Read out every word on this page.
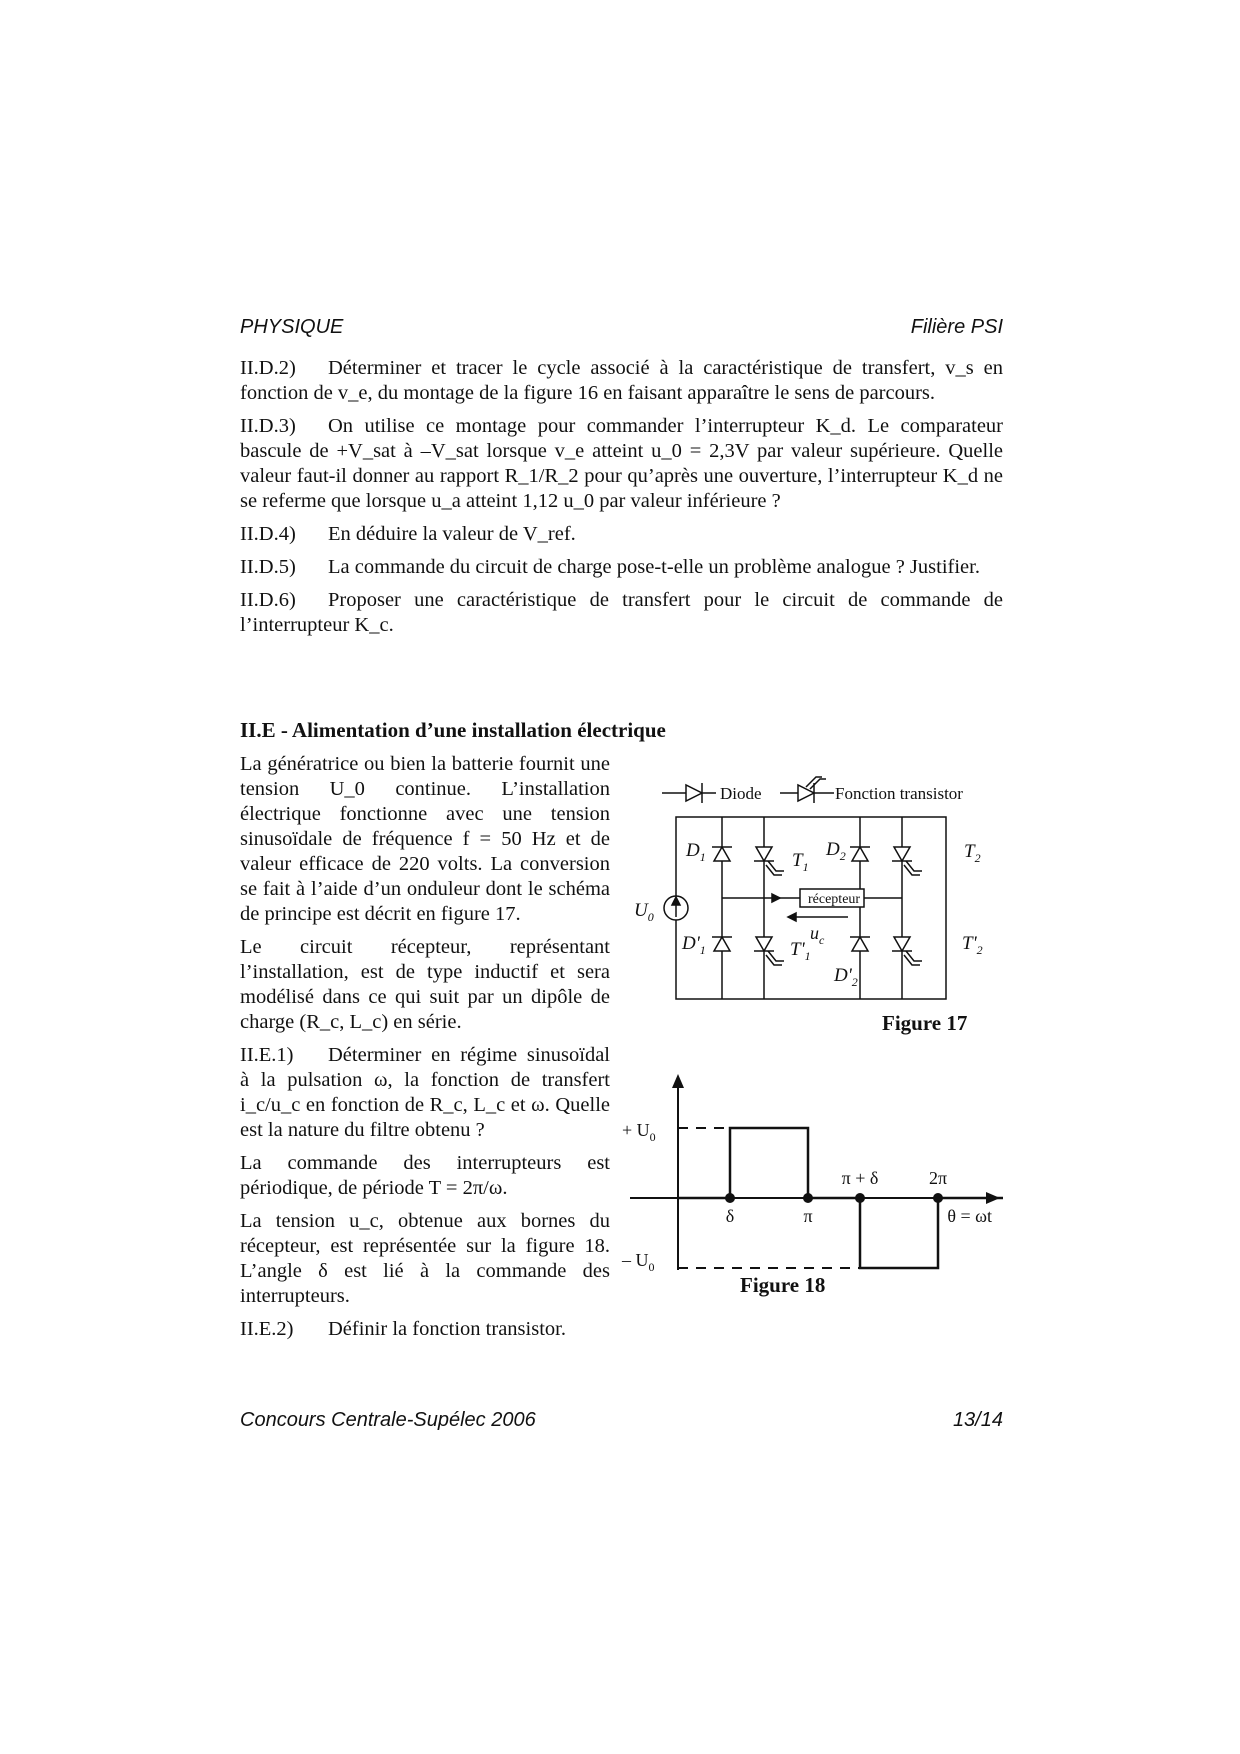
PHYSIQUE	Filière PSI

II.D.2) Déterminer et tracer le cycle associé à la caractéristique de transfert, v_s en fonction de v_e, du montage de la figure 16 en faisant apparaître le sens de parcours.

II.D.3) On utilise ce montage pour commander l’interrupteur K_d. Le comparateur bascule de +V_sat à –V_sat lorsque v_e atteint u_0 = 2,3V par valeur supérieure. Quelle valeur faut-il donner au rapport R_1/R_2 pour qu’après une ouverture, l’interrupteur K_d ne se referme que lorsque u_a atteint 1,12 u_0 par valeur inférieure ?

II.D.4) En déduire la valeur de V_ref.

II.D.5) La commande du circuit de charge pose-t-elle un problème analogue ? Justifier.

II.D.6) Proposer une caractéristique de transfert pour le circuit de commande de l’interrupteur K_c.

II.E - Alimentation d’une installation électrique

La génératrice ou bien la batterie fournit une tension U_0 continue. L’installation électrique fonctionne avec une tension sinusoïdale de fréquence f = 50 Hz et de valeur efficace de 220 volts. La conversion se fait à l’aide d’un onduleur dont le schéma de principe est décrit en figure 17.

Le circuit récepteur, représentant l’installation, est de type inductif et sera modélisé dans ce qui suit par un dipôle de charge (R_c, L_c) en série.

II.E.1) Déterminer en régime sinusoïdal à la pulsation ω, la fonction de transfert i_c/u_c en fonction de R_c, L_c et ω. Quelle est la nature du filtre obtenu ?

La commande des interrupteurs est périodique, de période T = 2π/ω.

La tension u_c, obtenue aux bornes du récepteur, est représentée sur la figure 18. L’angle δ est lié à la commande des interrupteurs.

II.E.2) Définir la fonction transistor.

Diode	Fonction transistor
récepteur
$u_c$
$U_0$
$D_1$	$T_1$
$D_2$	$T_2$
$D'_1$	$T'_1$
$D'_2$
$T'_2$
Figure 17
+ $U_0$
– $U_0$
δ	π
π + δ	2π
θ = ωt
Figure 18
Concours Centrale-Supélec 2006	13/14
